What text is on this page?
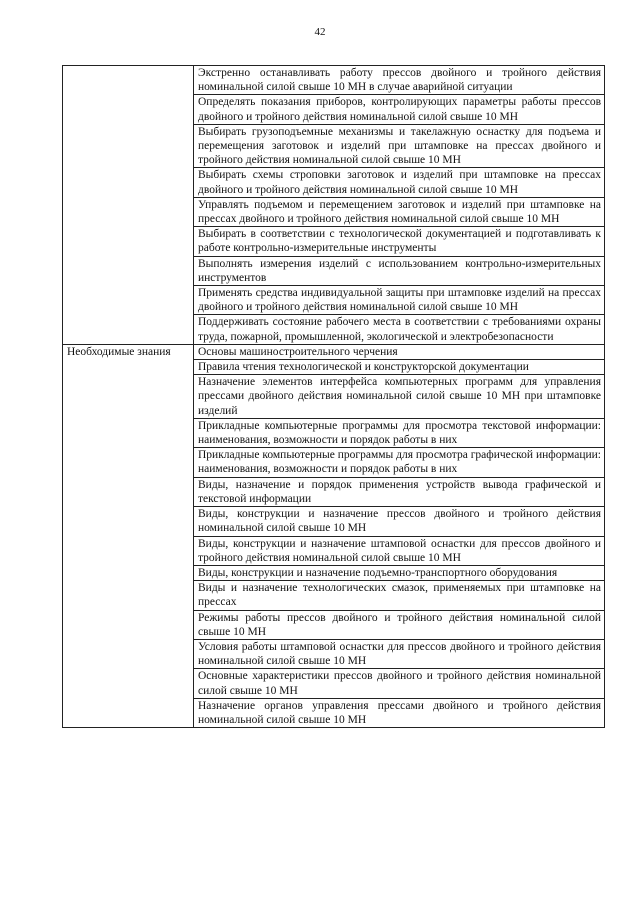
42
	Экстренно останавливать работу прессов двойного и тройного действия номинальной силой свыше 10 МН в случае аварийной ситуации
	Определять показания приборов, контролирующих параметры работы прессов двойного и тройного действия номинальной силой свыше 10 МН
	Выбирать грузоподъемные механизмы и такелажную оснастку для подъема и перемещения заготовок и изделий при штамповке на прессах двойного и тройного действия номинальной силой свыше 10 МН
	Выбирать схемы строповки заготовок и изделий при штамповке на прессах двойного и тройного действия номинальной силой свыше 10 МН
	Управлять подъемом и перемещением заготовок и изделий при штамповке на прессах двойного и тройного действия номинальной силой свыше 10 МН
	Выбирать в соответствии с технологической документацией и подготавливать к работе контрольно-измерительные инструменты
	Выполнять измерения изделий с использованием контрольно-измерительных инструментов
	Применять средства индивидуальной защиты при штамповке изделий на прессах двойного и тройного действия номинальной силой свыше 10 МН
	Поддерживать состояние рабочего места в соответствии с требованиями охраны труда, пожарной, промышленной, экологической и электробезопасности
Необходимые знания	Основы машиностроительного черчения
	Правила чтения технологической и конструкторской документации
	Назначение элементов интерфейса компьютерных программ для управления прессами двойного действия номинальной силой свыше 10 МН при штамповке изделий
	Прикладные компьютерные программы для просмотра текстовой информации: наименования, возможности и порядок работы в них
	Прикладные компьютерные программы для просмотра графической информации: наименования, возможности и порядок работы в них
	Виды, назначение и порядок применения устройств вывода графической и текстовой информации
	Виды, конструкции и назначение прессов двойного и тройного действия номинальной силой свыше 10 МН
	Виды, конструкции и назначение штамповой оснастки для прессов двойного и тройного действия номинальной силой свыше 10 МН
	Виды, конструкции и назначение подъемно-транспортного оборудования
	Виды и назначение технологических смазок, применяемых при штамповке на прессах
	Режимы работы прессов двойного и тройного действия номинальной силой свыше 10 МН
	Условия работы штамповой оснастки для прессов двойного и тройного действия номинальной силой свыше 10 МН
	Основные характеристики прессов двойного и тройного действия номинальной силой свыше 10 МН
	Назначение органов управления прессами двойного и тройного действия номинальной силой свыше 10 МН
